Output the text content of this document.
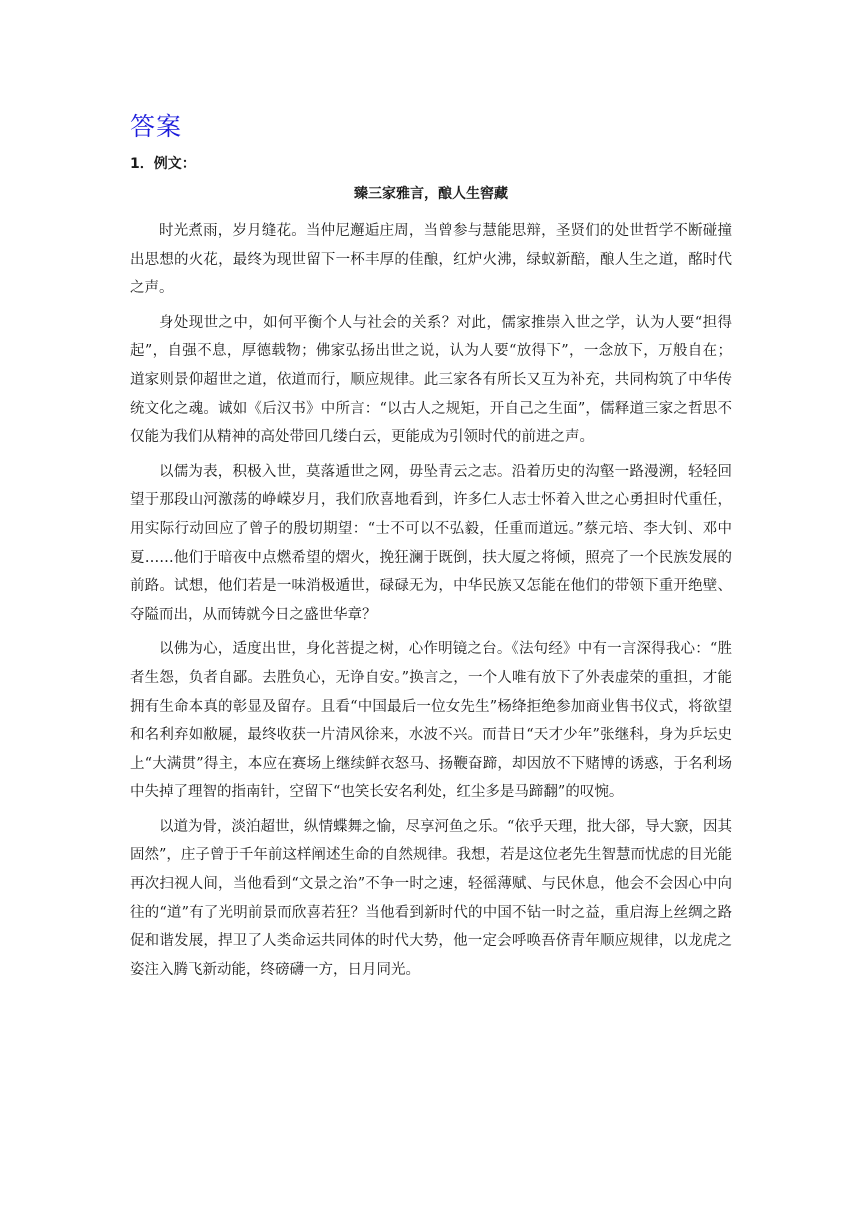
答案
1．例文：
臻三家雅言，酿人生窖藏

时光煮雨，岁月缝花。当仲尼邂逅庄周，当曾参与慧能思辩，圣贤们的处世哲学不断碰撞出思想的火花，最终为现世留下一杯丰厚的佳酿，红炉火沸，绿蚁新醅，酿人生之道，酩时代之声。

身处现世之中，如何平衡个人与社会的关系？对此，儒家推崇入世之学，认为人要“担得起”，自强不息，厚德载物；佛家弘扬出世之说，认为人要“放得下”，一念放下，万般自在；道家则景仰超世之道，依道而行，顺应规律。此三家各有所长又互为补充，共同构筑了中华传统文化之魂。诚如《后汉书》中所言：“以古人之规矩，开自己之生面”，儒释道三家之哲思不仅能为我们从精神的高处带回几缕白云，更能成为引领时代的前进之声。

以儒为表，积极入世，莫落遁世之网，毋坠青云之志。沿着历史的沟壑一路漫溯，轻轻回望于那段山河激荡的峥嵘岁月，我们欣喜地看到，许多仁人志士怀着入世之心勇担时代重任，用实际行动回应了曾子的殷切期望：“士不可以不弘毅，任重而道远。”蔡元培、李大钊、邓中夏……他们于暗夜中点燃希望的熠火，挽狂澜于既倒，扶大厦之将倾，照亮了一个民族发展的前路。试想，他们若是一味消极遁世，碌碌无为，中华民族又怎能在他们的带领下重开绝壁、夺隘而出，从而铸就今日之盛世华章？

以佛为心，适度出世，身化菩提之树，心作明镜之台。《法句经》中有一言深得我心：“胜者生怨，负者自鄙。去胜负心，无诤自安。”换言之，一个人唯有放下了外表虚荣的重担，才能拥有生命本真的彰显及留存。且看“中国最后一位女先生”杨绛拒绝参加商业售书仪式，将欲望和名利弃如敝屣，最终收获一片清风徐来，水波不兴。而昔日“天才少年”张继科，身为乒坛史上“大满贯”得主，本应在赛场上继续鲜衣怒马、扬鞭奋蹄，却因放不下赌博的诱惑，于名利场中失掉了理智的指南针，空留下“也笑长安名利处，红尘多是马蹄翻”的叹惋。

以道为骨，淡泊超世，纵情蝶舞之愉，尽享河鱼之乐。“依乎天理，批大郤，导大窾，因其固然”，庄子曾于千年前这样阐述生命的自然规律。我想，若是这位老先生智慧而忧虑的目光能再次扫视人间，当他看到“文景之治”不争一时之速，轻徭薄赋、与民休息，他会不会因心中向往的“道”有了光明前景而欣喜若狂？当他看到新时代的中国不钻一时之益，重启海上丝绸之路促和谐发展，捍卫了人类命运共同体的时代大势，他一定会呼唤吾侪青年顺应规律，以龙虎之姿注入腾飞新动能，终磅礴一方，日月同光。
